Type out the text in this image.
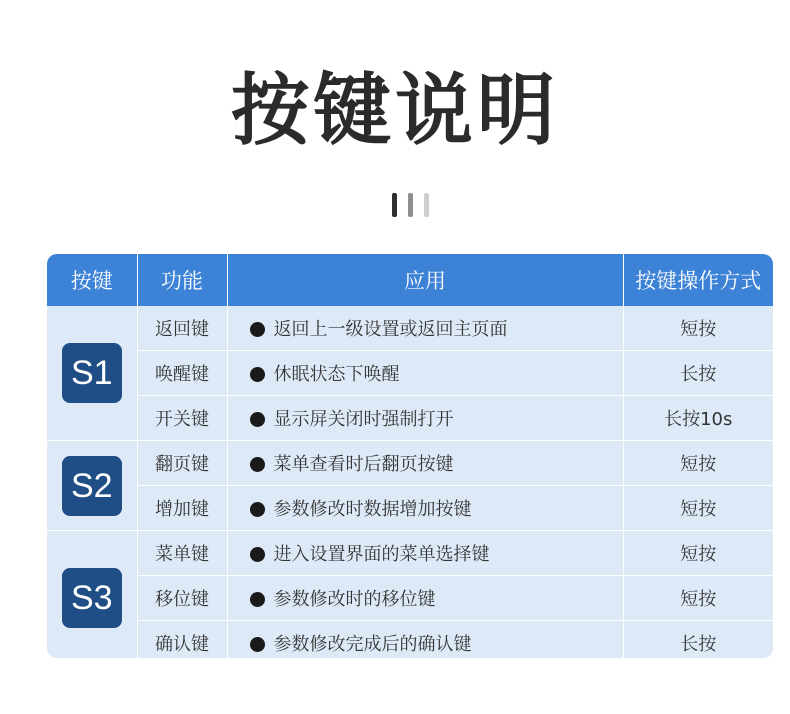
按键说明
按键	功能	应用	按键操作方式
S1	返回键	返回上一级设置或返回主页面	短按
	唤醒键	休眠状态下唤醒	长按
	开关键	显示屏关闭时强制打开	长按10s
S2	翻页键	菜单查看时后翻页按键	短按
	增加键	参数修改时数据增加按键	短按
S3	菜单键	进入设置界面的菜单选择键	短按
	移位键	参数修改时的移位键	短按
	确认键	参数修改完成后的确认键	长按
